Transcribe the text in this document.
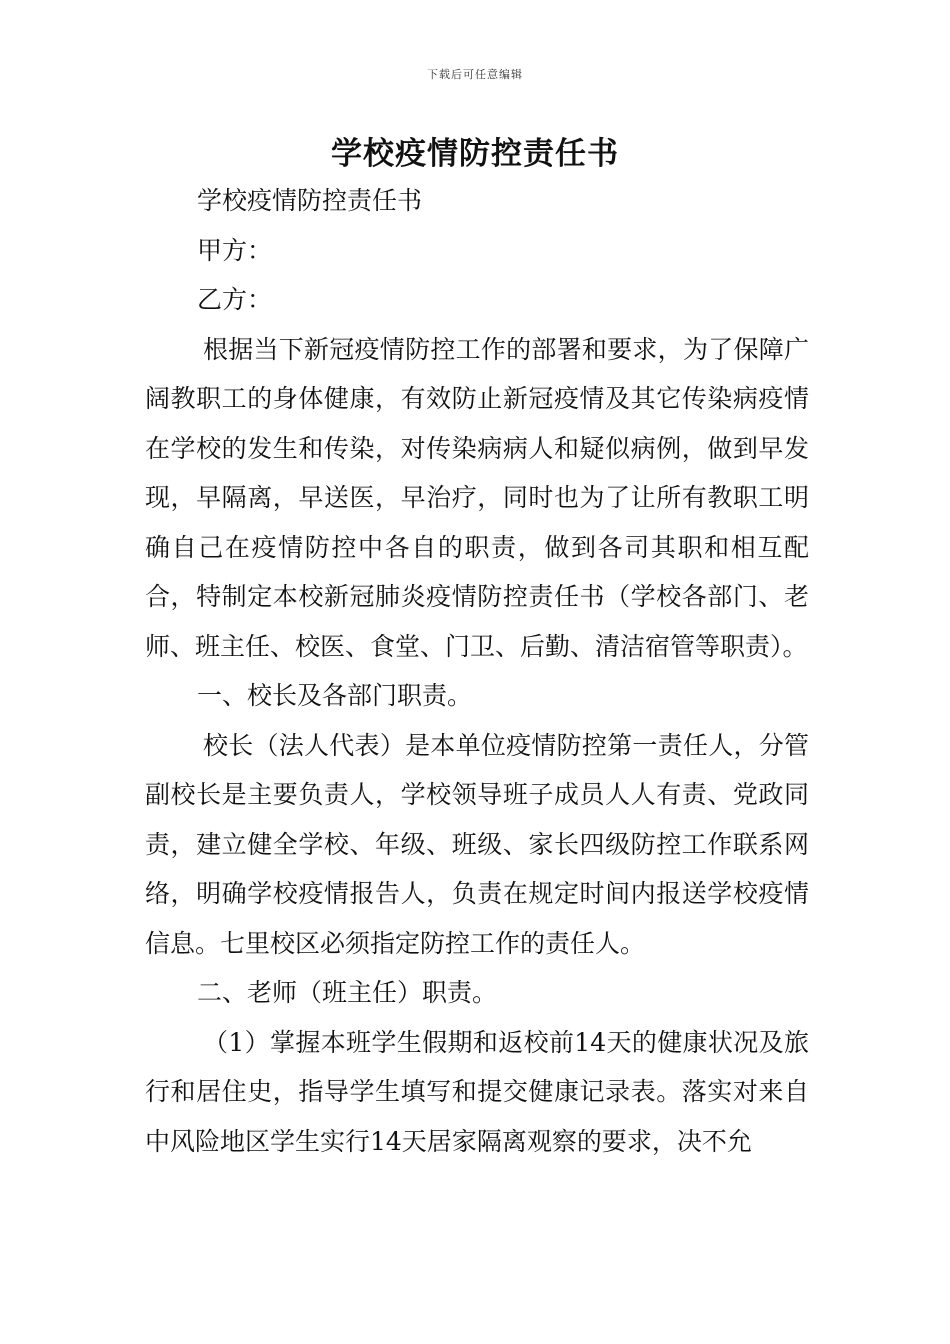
下载后可任意编辑
学校疫情防控责任书

学校疫情防控责任书

甲方：

乙方：

根据当下新冠疫情防控工作的部署和要求，为了保障广阔教职工的身体健康，有效防止新冠疫情及其它传染病疫情在学校的发生和传染，对传染病病人和疑似病例，做到早发现，早隔离，早送医，早治疗，同时也为了让所有教职工明确自己在疫情防控中各自的职责，做到各司其职和相互配合，特制定本校新冠肺炎疫情防控责任书（学校各部门、老师、班主任、校医、食堂、门卫、后勤、清洁宿管等职责）。

一、校长及各部门职责。

校长（法人代表）是本单位疫情防控第一责任人，分管副校长是主要负责人，学校领导班子成员人人有责、党政同责，建立健全学校、年级、班级、家长四级防控工作联系网络，明确学校疫情报告人，负责在规定时间内报送学校疫情信息。七里校区必须指定防控工作的责任人。

二、老师（班主任）职责。

（1）掌握本班学生假期和返校前14天的健康状况及旅行和居住史，指导学生填写和提交健康记录表。落实对来自中风险地区学生实行14天居家隔离观察的要求，决不允
